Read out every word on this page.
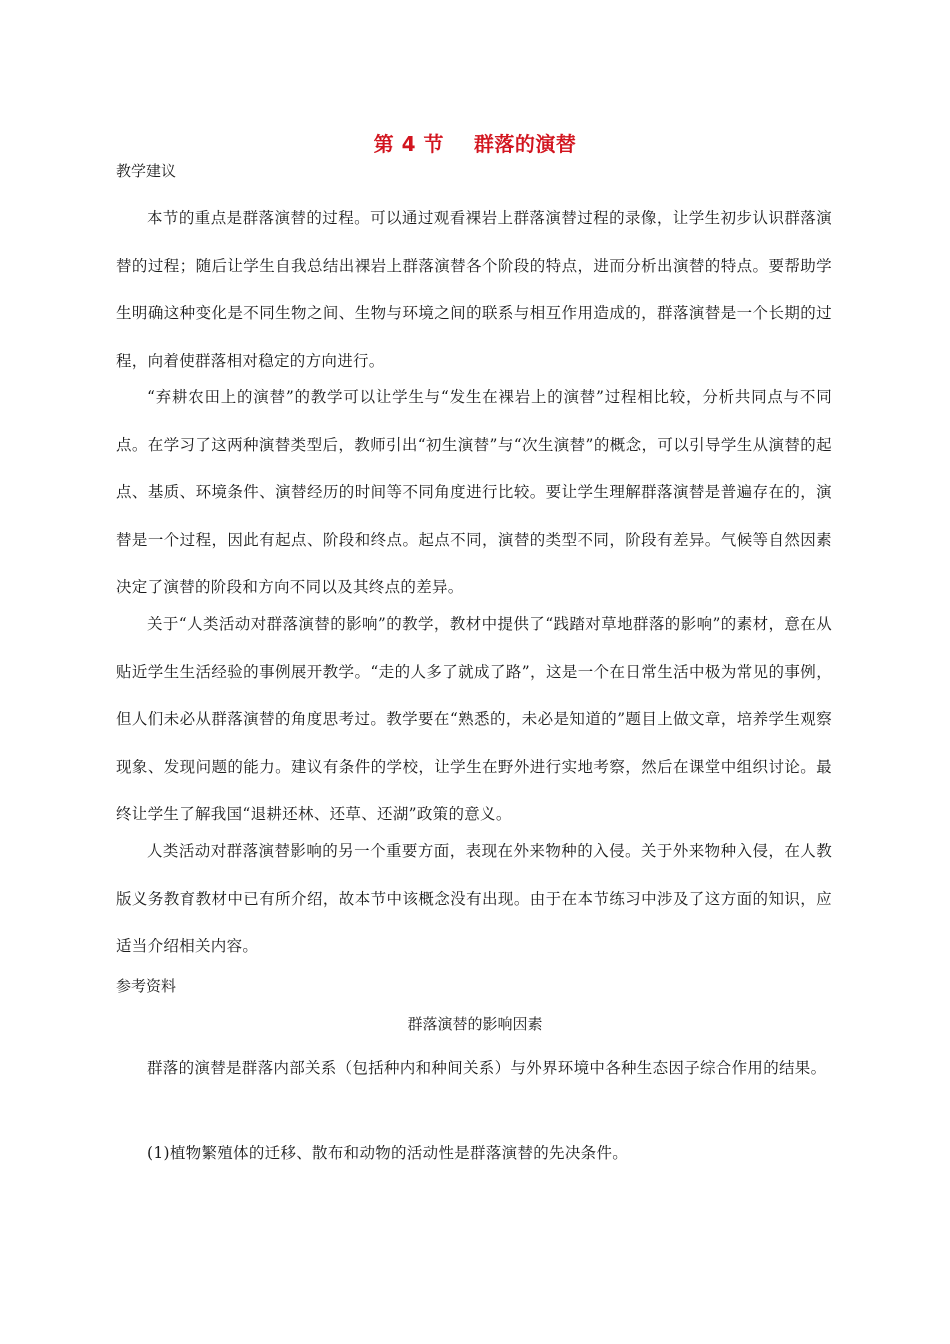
第 4 节    群落的演替
教学建议
本节的重点是群落演替的过程。可以通过观看裸岩上群落演替过程的录像，让学生初步认识群落演替的过程；随后让学生自我总结出裸岩上群落演替各个阶段的特点，进而分析出演替的特点。要帮助学生明确这种变化是不同生物之间、生物与环境之间的联系与相互作用造成的，群落演替是一个长期的过程，向着使群落相对稳定的方向进行。
“弃耕农田上的演替”的教学可以让学生与“发生在裸岩上的演替”过程相比较，分析共同点与不同点。在学习了这两种演替类型后，教师引出“初生演替”与“次生演替”的概念，可以引导学生从演替的起点、基质、环境条件、演替经历的时间等不同角度进行比较。要让学生理解群落演替是普遍存在的，演替是一个过程，因此有起点、阶段和终点。起点不同，演替的类型不同，阶段有差异。气候等自然因素决定了演替的阶段和方向不同以及其终点的差异。
关于“人类活动对群落演替的影响”的教学，教材中提供了“践踏对草地群落的影响”的素材，意在从贴近学生生活经验的事例展开教学。“走的人多了就成了路”，这是一个在日常生活中极为常见的事例，但人们未必从群落演替的角度思考过。教学要在“熟悉的，未必是知道的”题目上做文章，培养学生观察现象、发现问题的能力。建议有条件的学校，让学生在野外进行实地考察，然后在课堂中组织讨论。最终让学生了解我国“退耕还林、还草、还湖”政策的意义。
人类活动对群落演替影响的另一个重要方面，表现在外来物种的入侵。关于外来物种入侵，在人教版义务教育教材中已有所介绍，故本节中该概念没有出现。由于在本节练习中涉及了这方面的知识，应适当介绍相关内容。
参考资料
群落演替的影响因素
群落的演替是群落内部关系（包括种内和种间关系）与外界环境中各种生态因子综合作用的结果。
(1)植物繁殖体的迁移、散布和动物的活动性是群落演替的先决条件。
